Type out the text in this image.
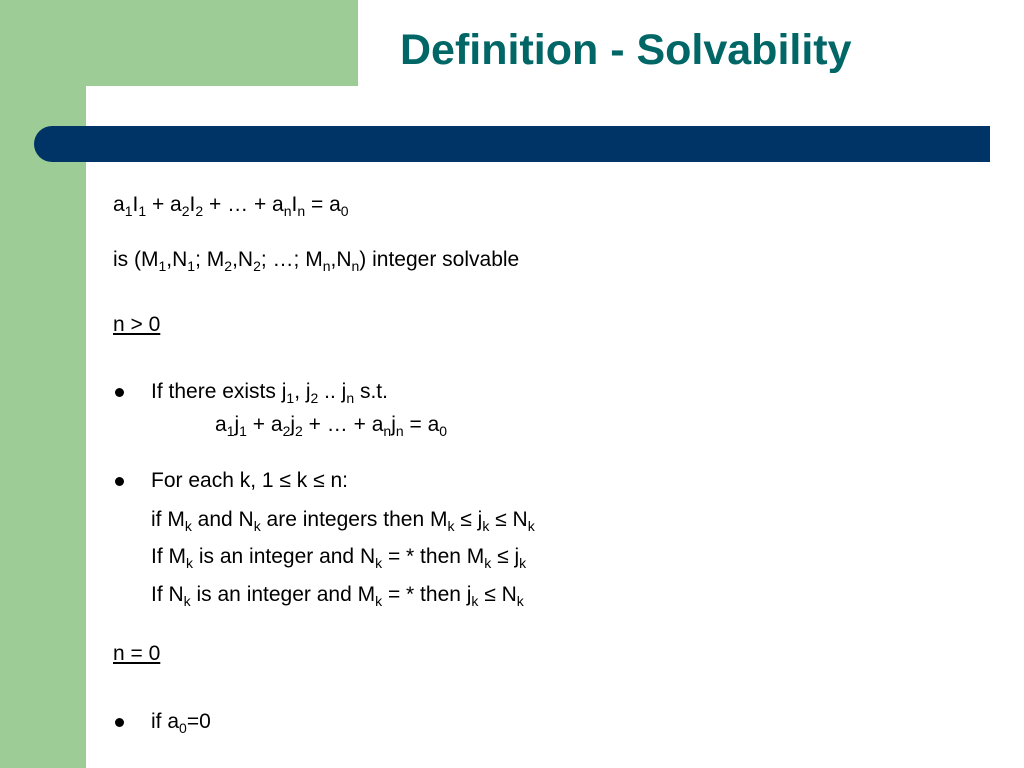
Definition - Solvability
$a_1I_1 + a_2I_2$ + … + $a_nI_n = a_0$
is ($M_1,N_1$; $M_2,N_2$; …; $M_n,N_n$) integer solvable
n > 0
If there exists $j_1$, $j_2$ .. $j_n$ s.t.
$a_1j_1 + a_2j_2$ + … + $a_nj_n = a_0$
For each k, 1 ≤ k ≤ n:
if $M_k$ and $N_k$ are integers then $M_k \le j_k \le N_k$
If $M_k$ is an integer and $N_k$ = * then $M_k \le j_k$
If $N_k$ is an integer and $M_k$ = * then $j_k \le N_k$
n = 0
if $a_0=0$
